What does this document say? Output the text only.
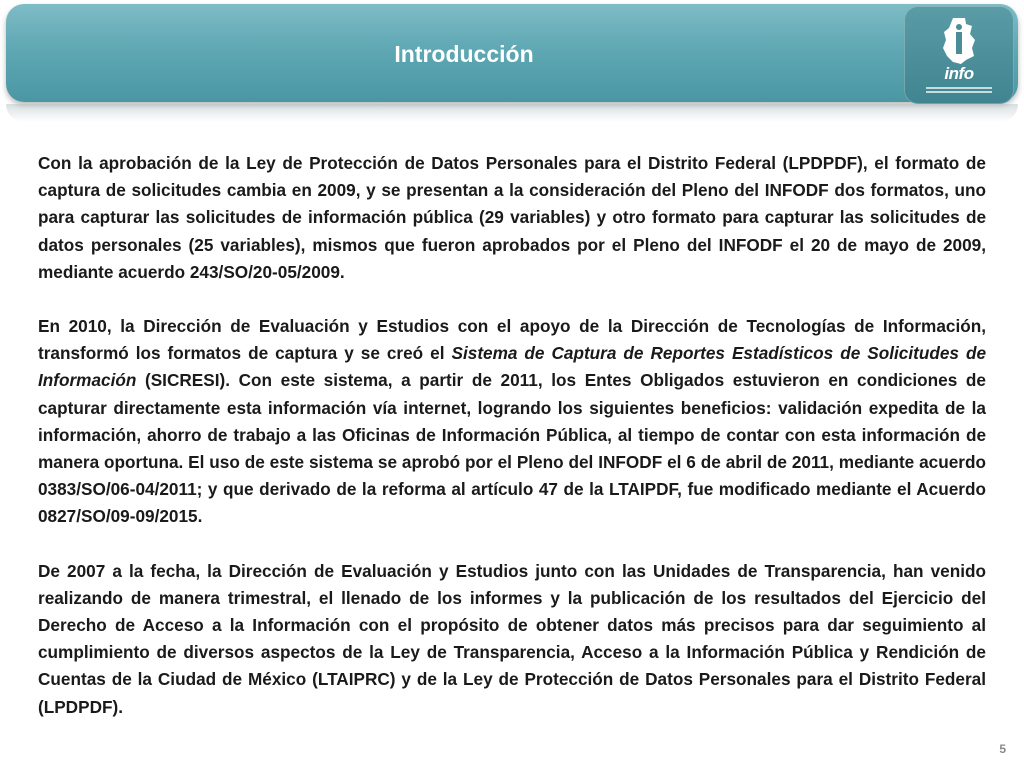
Introducción
info

Con la aprobación de la Ley de Protección de Datos Personales para el Distrito Federal (LPDPDF), el formato de captura de solicitudes cambia en 2009, y se presentan a la consideración del Pleno del INFODF dos formatos, uno para capturar las solicitudes de información pública (29 variables) y otro formato para capturar las solicitudes de datos personales (25 variables), mismos que fueron aprobados por el Pleno del INFODF el 20 de mayo de 2009, mediante acuerdo 243/SO/20-05/2009.

En 2010, la Dirección de Evaluación y Estudios con el apoyo de la Dirección de Tecnologías de Información, transformó los formatos de captura y se creó el Sistema de Captura de Reportes Estadísticos de Solicitudes de Información (SICRESI). Con este sistema, a partir de 2011, los Entes Obligados estuvieron en condiciones de capturar directamente esta información vía internet, logrando los siguientes beneficios: validación expedita de la información, ahorro de trabajo a las Oficinas de Información Pública, al tiempo de contar con esta información de manera oportuna. El uso de este sistema se aprobó por el Pleno del INFODF el 6 de abril de 2011, mediante acuerdo 0383/SO/06-04/2011; y que derivado de la reforma al artículo 47 de la LTAIPDF, fue modificado mediante el Acuerdo 0827/SO/09-09/2015.

De 2007 a la fecha, la Dirección de Evaluación y Estudios junto con las Unidades de Transparencia, han venido realizando de manera trimestral, el llenado de los informes y la publicación de los resultados del Ejercicio del Derecho de Acceso a la Información con el propósito de obtener datos más precisos para dar seguimiento al cumplimiento de diversos aspectos de la Ley de Transparencia, Acceso a la Información Pública y Rendición de Cuentas de la Ciudad de México (LTAIPRC) y de la Ley de Protección de Datos Personales para el Distrito Federal (LPDPDF).

5
